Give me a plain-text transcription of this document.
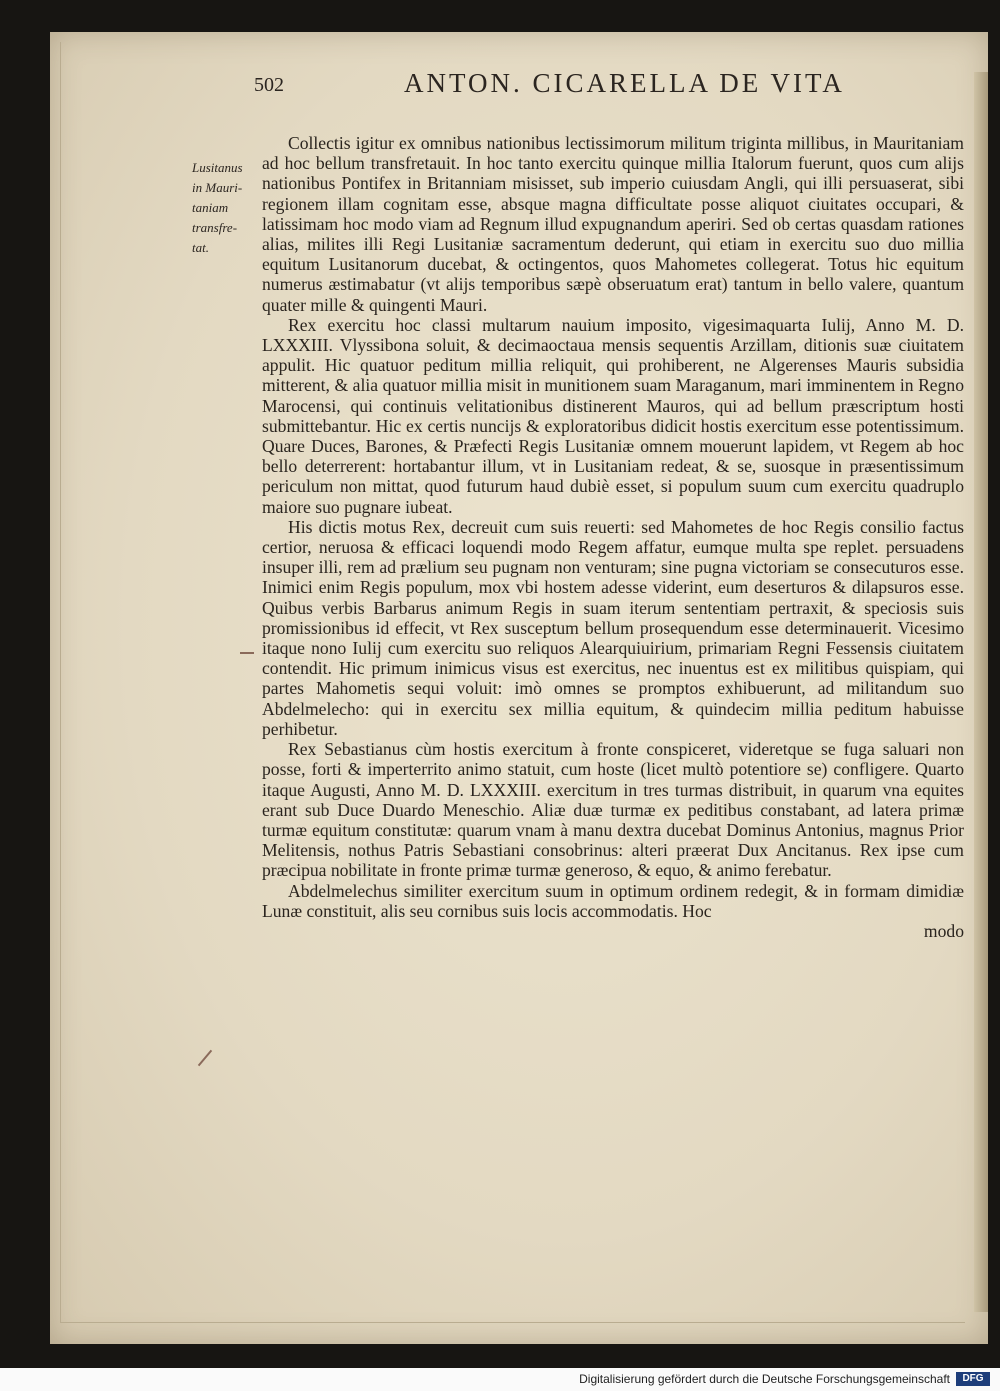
502	ANTON. CICARELLA DE VITA
Lusitanus
in Mauri-
taniam
transfre-
tat.

Collectis igitur ex omnibus nationibus lectissimorum militum triginta millibus, in Mauritaniam ad hoc bellum transfretauit. In hoc tanto exercitu quinque millia Italorum fuerunt, quos cum alijs nationibus Pontifex in Britanniam misisset, sub imperio cuiusdam Angli, qui illi persuaserat, sibi regionem illam cognitam esse, absque magna difficultate posse aliquot ciuitates occupari, & latissimam hoc modo viam ad Regnum illud expugnandum aperiri. Sed ob certas quasdam rationes alias, milites illi Regi Lusitaniæ sacramentum dederunt, qui etiam in exercitu suo duo millia equitum Lusitanorum ducebat, & octingentos, quos Mahometes collegerat. Totus hic equitum numerus æstimabatur (vt alijs temporibus sæpè obseruatum erat) tantum in bello valere, quantum quater mille & quingenti Mauri.

Rex exercitu hoc classi multarum nauium imposito, vigesimaquarta Iulij, Anno M. D. LXXXIII. Vlyssibona soluit, & decimaoctaua mensis sequentis Arzillam, ditionis suæ ciuitatem appulit. Hic quatuor peditum millia reliquit, qui prohiberent, ne Algerenses Mauris subsidia mitterent, & alia quatuor millia misit in munitionem suam Maraganum, mari imminentem in Regno Marocensi, qui continuis velitationibus distinerent Mauros, qui ad bellum præscriptum hosti submittebantur. Hic ex certis nuncijs & exploratoribus didicit hostis exercitum esse potentissimum. Quare Duces, Barones, & Præfecti Regis Lusitaniæ omnem mouerunt lapidem, vt Regem ab hoc bello deterrerent: hortabantur illum, vt in Lusitaniam redeat, & se, suosque in præsentissimum periculum non mittat, quod futurum haud dubiè esset, si populum suum cum exercitu quadruplo maiore suo pugnare iubeat.

His dictis motus Rex, decreuit cum suis reuerti: sed Mahometes de hoc Regis consilio factus certior, neruosa & efficaci loquendi modo Regem affatur, eumque multa spe replet. persuadens insuper illi, rem ad prælium seu pugnam non venturam; sine pugna victoriam se consecuturos esse. Inimici enim Regis populum, mox vbi hostem adesse viderint, eum deserturos & dilapsuros esse. Quibus verbis Barbarus animum Regis in suam iterum sententiam pertraxit, & speciosis suis promissionibus id effecit, vt Rex susceptum bellum prosequendum esse determinauerit. Vicesimo itaque nono Iulij cum exercitu suo reliquos Alearquiuirium, primariam Regni Fessensis ciuitatem contendit. Hic primum inimicus visus est exercitus, nec inuentus est ex militibus quispiam, qui partes Mahometis sequi voluit: imò omnes se promptos exhibuerunt, ad militandum suo Abdelmelecho: qui in exercitu sex millia equitum, & quindecim millia peditum habuisse perhibetur.

Rex Sebastianus cùm hostis exercitum à fronte conspiceret, videretque se fuga saluari non posse, forti & imperterrito animo statuit, cum hoste (licet multò potentiore se) confligere. Quarto itaque Augusti, Anno M. D. LXXXIII. exercitum in tres turmas distribuit, in quarum vna equites erant sub Duce Duardo Meneschio. Aliæ duæ turmæ ex peditibus constabant, ad latera primæ turmæ equitum constitutæ: quarum vnam à manu dextra ducebat Dominus Antonius, magnus Prior Melitensis, nothus Patris Sebastiani consobrinus: alteri præerat Dux Ancitanus. Rex ipse cum præcipua nobilitate in fronte primæ turmæ generoso, & equo, & animo ferebatur.

Abdelmelechus similiter exercitum suum in optimum ordinem redegit, & in formam dimidiæ Lunæ constituit, alis seu cornibus suis locis accommodatis. Hoc

modo
Digitalisierung gefördert durch die Deutsche Forschungsgemeinschaft	DFG
